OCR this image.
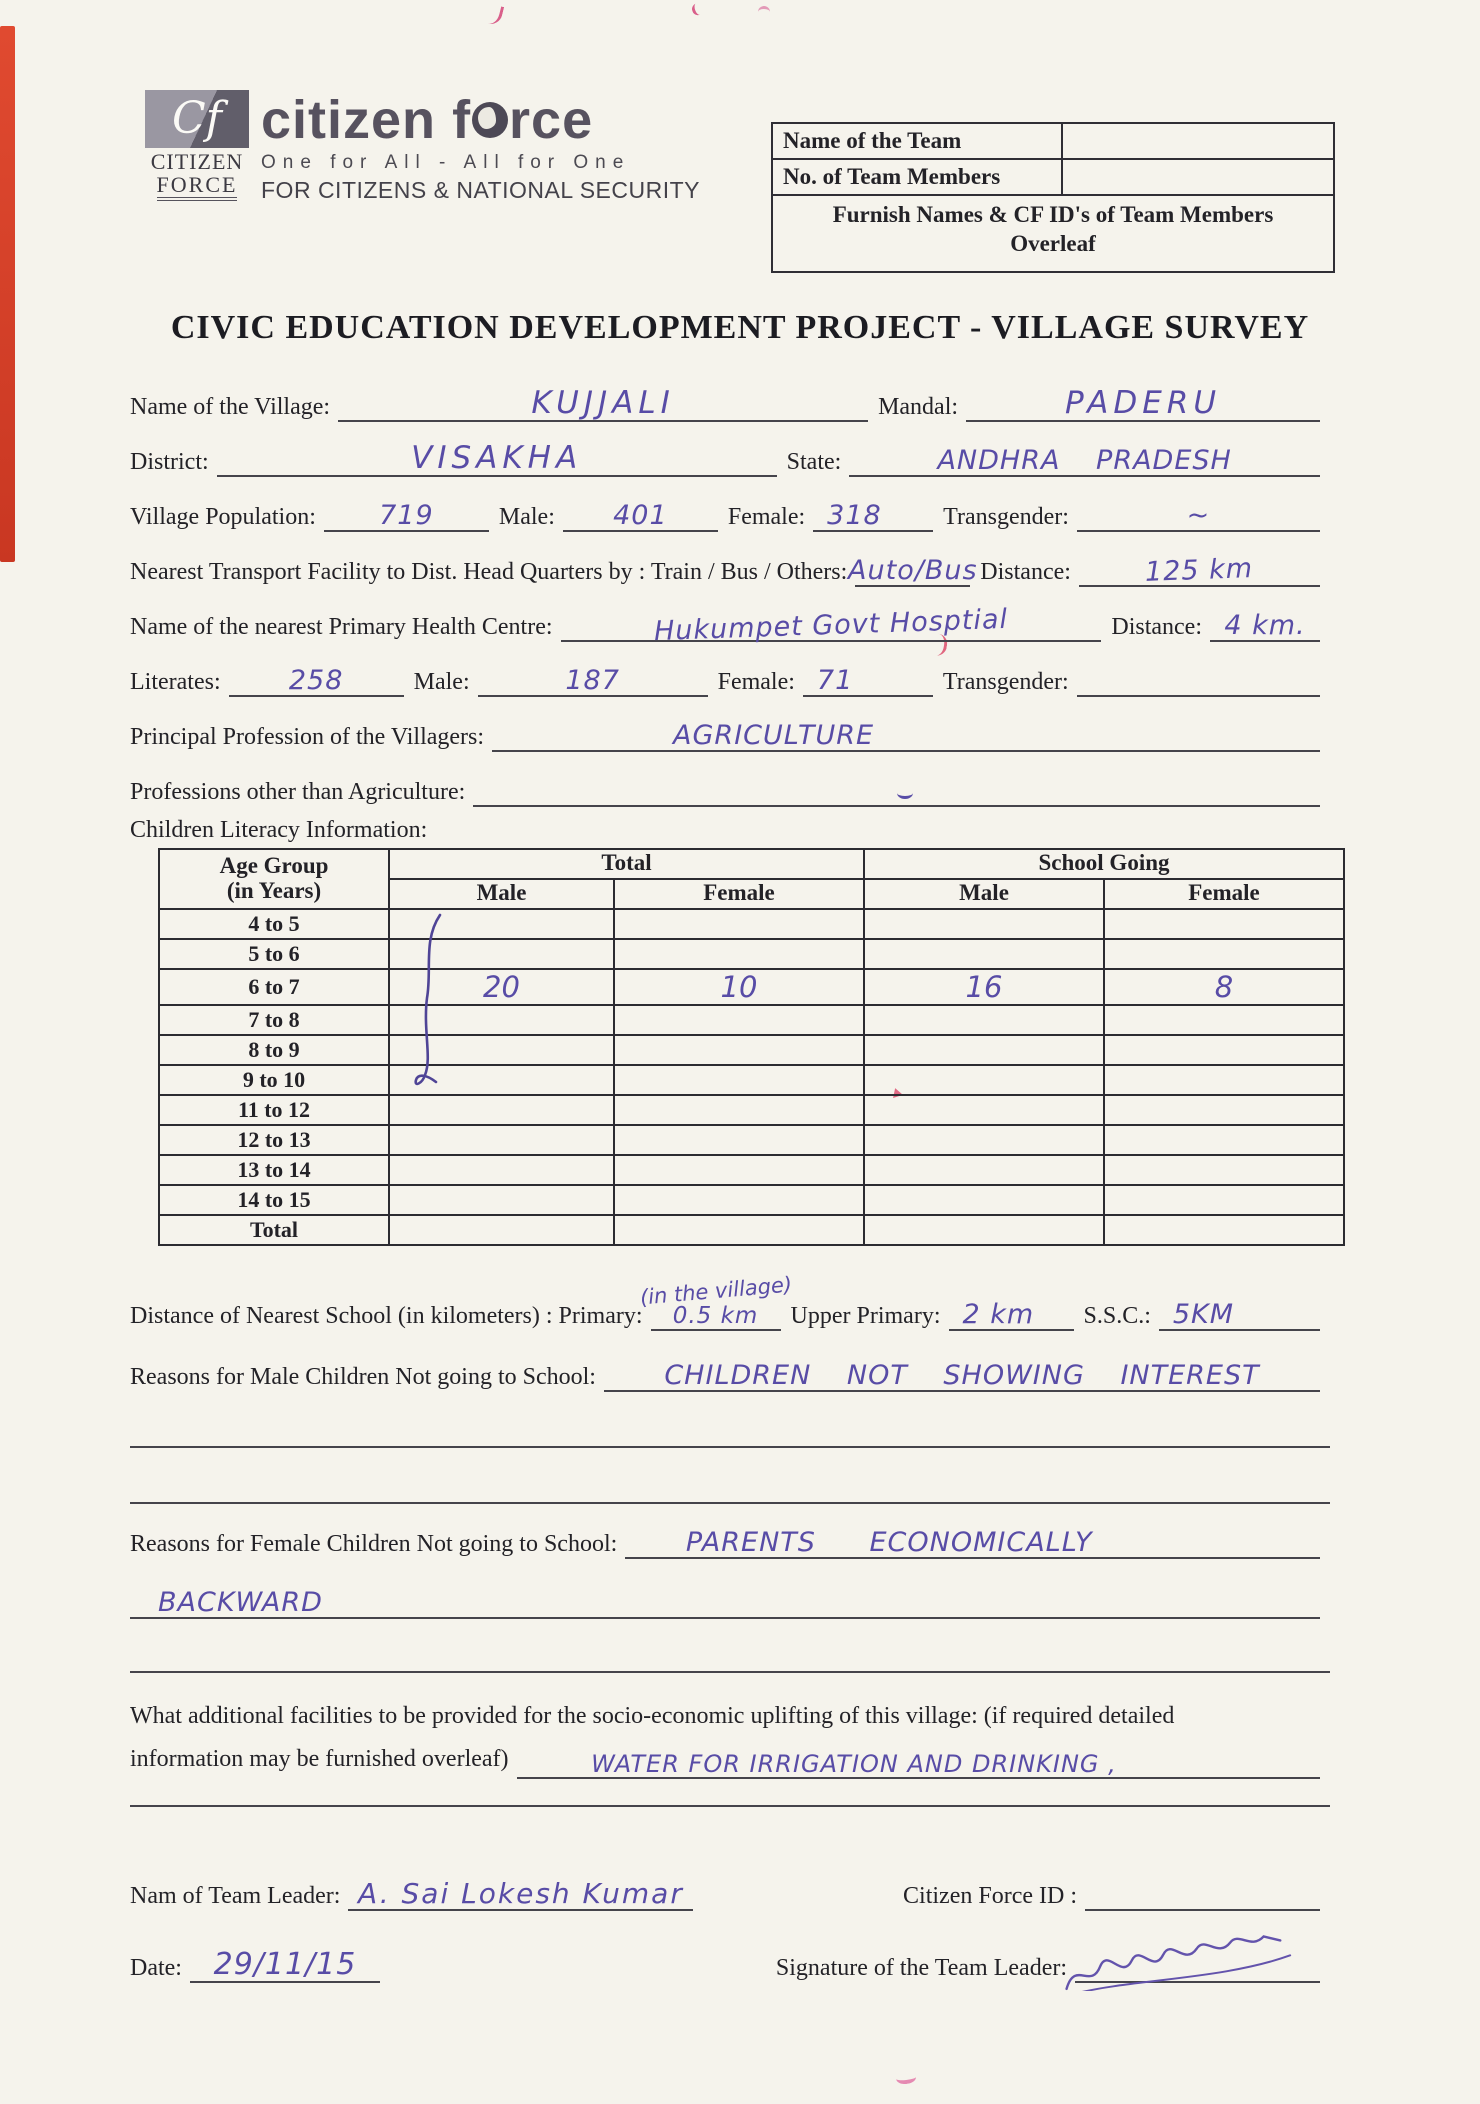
Cf
CITIZEN
FORCE
citizen f rce
One for All - All for One
FOR CITIZENS & NATIONAL SECURITY
Name of the Team
No. of Team Members
Furnish Names & CF ID's of Team Members Overleaf
CIVIC EDUCATION DEVELOPMENT PROJECT - VILLAGE SURVEY
Name of the Village:	KUJJALI	Mandal:	PADERU
District:	VISAKHA	State:	ANDHRA PRADESH
Village Population: 719	Male: 401	Female: 318	Transgender:	~
Nearest Transport Facility to Dist. Head Quarters by : Train / Bus / Others: Auto/Bus Distance:	125 km
Name of the nearest Primary Health Centre:	Hukumpet Govt Hosptial	Distance: 4 km.
Literates:	258	Male:	187	Female: 71	Transgender:
Principal Profession of the Villagers:	AGRICULTURE
Professions other than Agriculture:
Children Literacy Information:
Age Group
(in Years)	Total		School Going	
	Male	Female	Male	Female
4 to 5				
5 to 6				
6 to 7	20	10	16	8
7 to 8				
8 to 9				
9 to 10				
11 to 12				
12 to 13				
13 to 14				
14 to 15				
Total				
Distance of Nearest School (in kilometers) : Primary:
(in the village)
0.5 km Upper Primary: 2 km S.S.C.: 5KM
Reasons for Male Children Not going to School:	CHILDREN NOT SHOWING INTEREST
Reasons for Female Children Not going to School:	PARENTS ECONOMICALLY
BACKWARD
What additional facilities to be provided for the socio-economic uplifting of this village: (if required detailed
information may be furnished overleaf)	WATER FOR IRRIGATION AND DRINKING ,
Nam of Team Leader: A. Sai Lokesh Kumar	Citizen Force ID :
Date: 29/11/15	Signature of the Team Leader:
